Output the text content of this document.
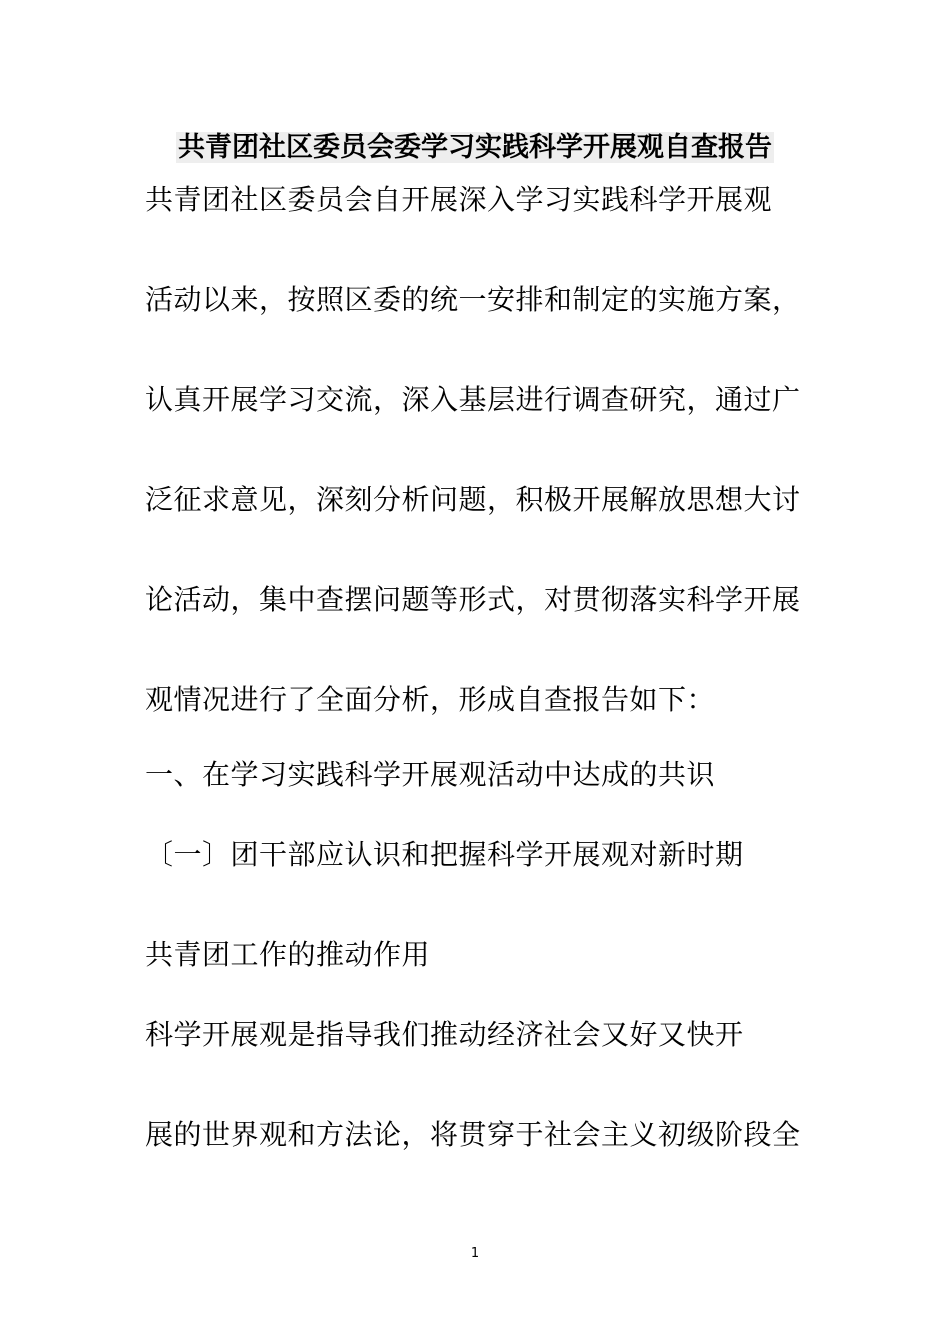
共青团社区委员会委学习实践科学开展观自查报告
共青团社区委员会自开展深入学习实践科学开展观
活动以来，按照区委的统一安排和制定的实施方案，
认真开展学习交流，深入基层进行调查研究，通过广
泛征求意见，深刻分析问题，积极开展解放思想大讨
论活动，集中查摆问题等形式，对贯彻落实科学开展
观情况进行了全面分析，形成自查报告如下：
一、在学习实践科学开展观活动中达成的共识
〔一〕团干部应认识和把握科学开展观对新时期
共青团工作的推动作用
科学开展观是指导我们推动经济社会又好又快开
展的世界观和方法论，将贯穿于社会主义初级阶段全
1
